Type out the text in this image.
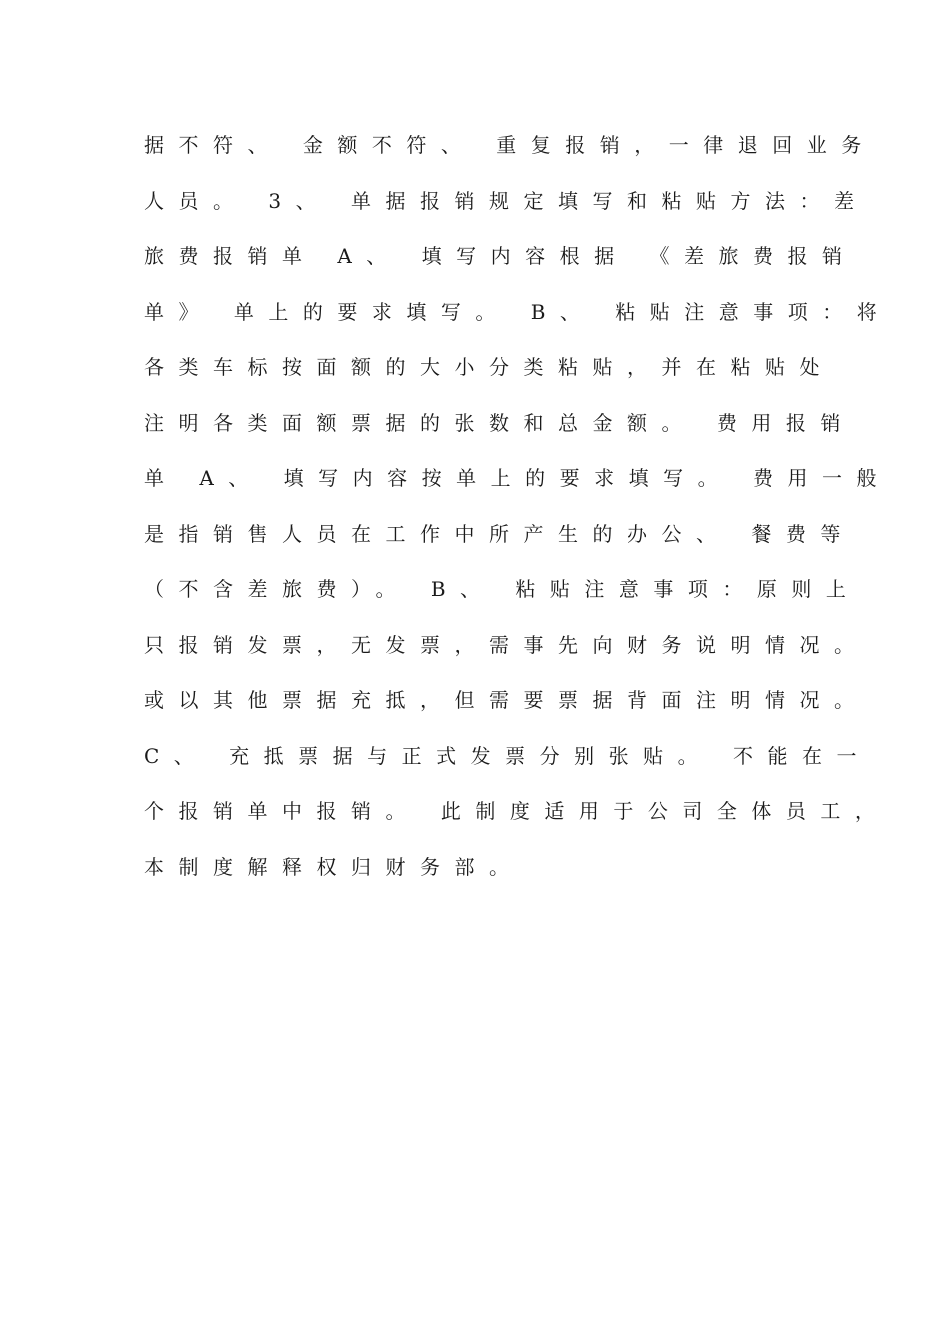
据不符、 金额不符、 重复报销，一律退回业务
人员。 3、 单据报销规定填写和粘贴方法：差
旅费报销单 A、 填写内容根据 《差旅费报销
单》 单上的要求填写。 B、 粘贴注意事项：将
各类车标按面额的大小分类粘贴，并在粘贴处
注明各类面额票据的张数和总金额。 费用报销
单 A、 填写内容按单上的要求填写。 费用一般
是指销售人员在工作中所产生的办公、 餐费等
（不含差旅费）。 B、 粘贴注意事项：原则上
只报销发票，无发票，需事先向财务说明情况。
或以其他票据充抵，但需要票据背面注明情况。
C、 充抵票据与正式发票分别张贴。 不能在一
个报销单中报销。 此制度适用于公司全体员工，
本制度解释权归财务部。
